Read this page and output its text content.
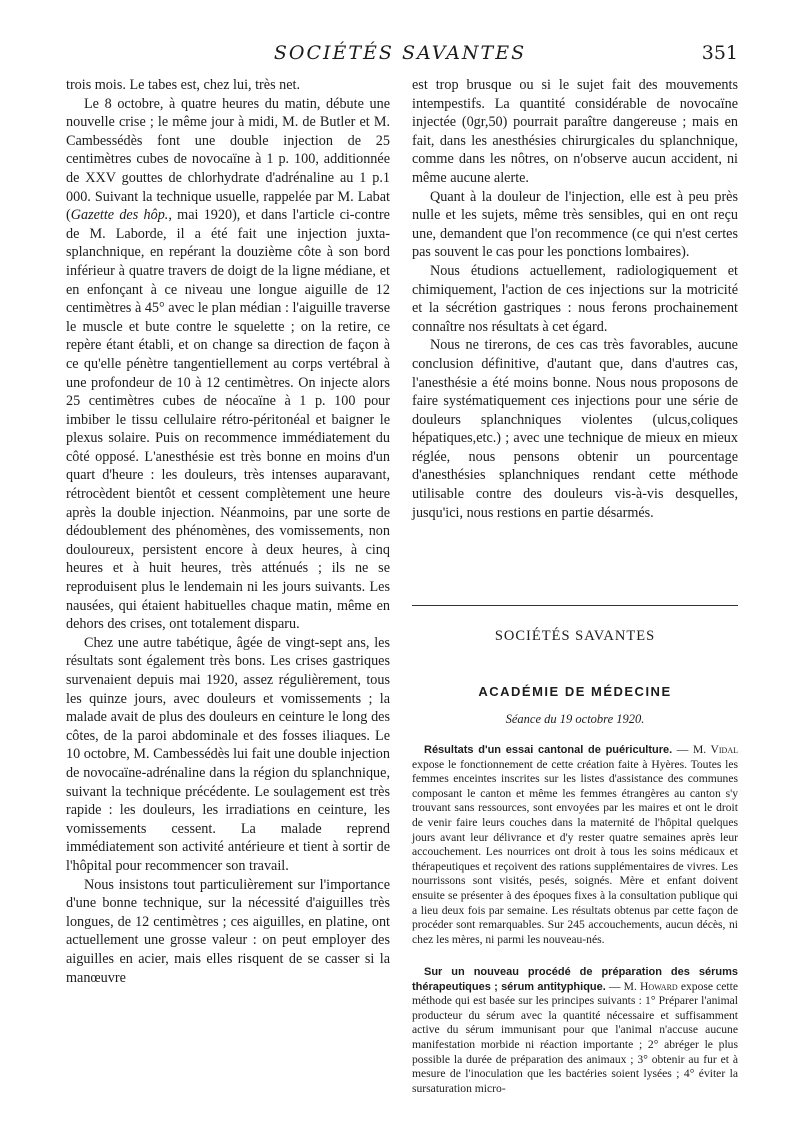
SOCIÉTÉS SAVANTES	351

trois mois. Le tabes est, chez lui, très net.

Le 8 octobre, à quatre heures du matin, débute une nouvelle crise ; le même jour à midi, M. de Butler et M. Cambessédès font une double injection de 25 centimètres cubes de novocaïne à 1 p. 100, additionnée de XXV gouttes de chlorhydrate d'adrénaline au 1 p.1 000. Suivant la technique usuelle, rappelée par M. Labat (Gazette des hôp., mai 1920), et dans l'article ci-contre de M. Laborde, il a été fait une injection juxta-splanchnique, en repérant la douzième côte à son bord inférieur à quatre travers de doigt de la ligne médiane, et en enfonçant à ce niveau une longue aiguille de 12 centimètres à 45° avec le plan médian : l'aiguille traverse le muscle et bute contre le squelette ; on la retire, ce repère étant établi, et on change sa direction de façon à ce qu'elle pénètre tangentiellement au corps vertébral à une profondeur de 10 à 12 centimètres. On injecte alors 25 centimètres cubes de néocaïne à 1 p. 100 pour imbiber le tissu cellulaire rétro-péritonéal et baigner le plexus solaire. Puis on recommence immédiatement du côté opposé. L'anesthésie est très bonne en moins d'un quart d'heure : les douleurs, très intenses auparavant, rétrocèdent bientôt et cessent complètement une heure après la double injection. Néanmoins, par une sorte de dédoublement des phénomènes, des vomissements, non douloureux, persistent encore à deux heures, à cinq heures et à huit heures, très atténués ; ils ne se reproduisent plus le lendemain ni les jours suivants. Les nausées, qui étaient habituelles chaque matin, même en dehors des crises, ont totalement disparu.

Chez une autre tabétique, âgée de vingt-sept ans, les résultats sont également très bons. Les crises gastriques survenaient depuis mai 1920, assez régulièrement, tous les quinze jours, avec douleurs et vomissements ; la malade avait de plus des douleurs en ceinture le long des côtes, de la paroi abdominale et des fosses iliaques. Le 10 octobre, M. Cambessédès lui fait une double injection de novocaïne-adrénaline dans la région du splanchnique, suivant la technique précédente. Le soulagement est très rapide : les douleurs, les irradiations en ceinture, les vomissements cessent. La malade reprend immédiatement son activité antérieure et tient à sortir de l'hôpital pour recommencer son travail.

Nous insistons tout particulièrement sur l'importance d'une bonne technique, sur la nécessité d'aiguilles très longues, de 12 centimètres ; ces aiguilles, en platine, ont actuellement une grosse valeur : on peut employer des aiguilles en acier, mais elles risquent de se casser si la manœuvre

est trop brusque ou si le sujet fait des mouvements intempestifs. La quantité considérable de novocaïne injectée (0gr,50) pourrait paraître dangereuse ; mais en fait, dans les anesthésies chirurgicales du splanchnique, comme dans les nôtres, on n'observe aucun accident, ni même aucune alerte.

Quant à la douleur de l'injection, elle est à peu près nulle et les sujets, même très sensibles, qui en ont reçu une, demandent que l'on recommence (ce qui n'est certes pas souvent le cas pour les ponctions lombaires).

Nous étudions actuellement, radiologiquement et chimiquement, l'action de ces injections sur la motricité et la sécrétion gastriques : nous ferons prochainement connaître nos résultats à cet égard.

Nous ne tirerons, de ces cas très favorables, aucune conclusion définitive, d'autant que, dans d'autres cas, l'anesthésie a été moins bonne. Nous nous proposons de faire systématiquement ces injections pour une série de douleurs splanchniques violentes (ulcus,coliques hépatiques,etc.) ; avec une technique de mieux en mieux réglée, nous pensons obtenir un pourcentage d'anesthésies splanchniques rendant cette méthode utilisable contre des douleurs vis-à-vis desquelles, jusqu'ici, nous restions en partie désarmés.

SOCIÉTÉS SAVANTES
ACADÉMIE DE MÉDECINE
Séance du 19 octobre 1920.

Résultats d'un essai cantonal de puériculture. — M. Vidal expose le fonctionnement de cette création faite à Hyères. Toutes les femmes enceintes inscrites sur les listes d'assistance des communes composant le canton et même les femmes étrangères au canton s'y trouvant sans ressources, sont envoyées par les maires et ont le droit de venir faire leurs couches dans la maternité de l'hôpital quelques jours avant leur délivrance et d'y rester quatre semaines après leur accouchement. Les nourrices ont droit à tous les soins médicaux et thérapeutiques et reçoivent des rations supplémentaires de vivres. Les nourrissons sont visités, pesés, soignés. Mère et enfant doivent ensuite se présenter à des époques fixes à la consultation publique qui a lieu deux fois par semaine. Les résultats obtenus par cette façon de procéder sont remarquables. Sur 245 accouchements, aucun décès, ni chez les mères, ni parmi les nouveau-nés.

Sur un nouveau procédé de préparation des sérums thérapeutiques ; sérum antityphique. — M. Howard expose cette méthode qui est basée sur les principes suivants : 1° Préparer l'animal producteur du sérum avec la quantité nécessaire et suffisamment active du sérum immunisant pour que l'animal n'accuse aucune manifestation morbide ni réaction importante ; 2° abréger le plus possible la durée de préparation des animaux ; 3° obtenir au fur et à mesure de l'inoculation que les bactéries soient lysées ; 4° éviter la sursaturation micro-
